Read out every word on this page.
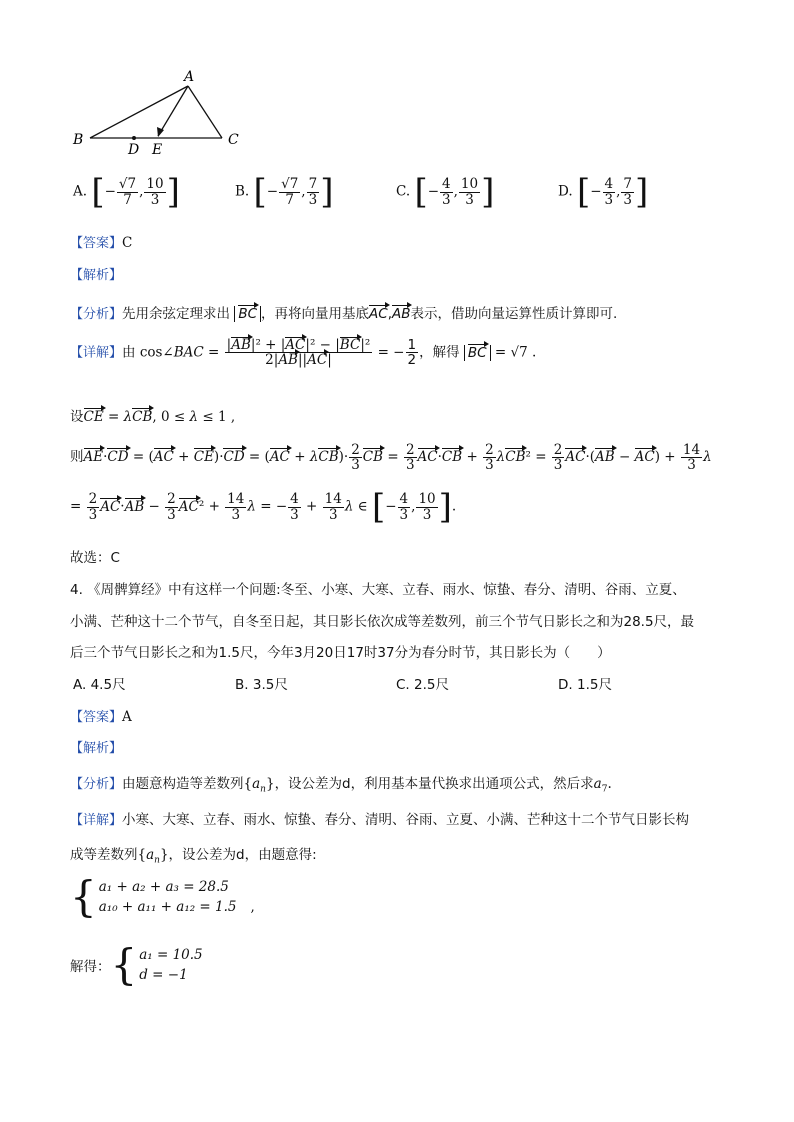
A
B	C
D E
A. [− $\frac{√7}{7}$ , $\frac{10}{3}$ ]	B. [− $\frac{√7}{7}$ , $\frac{7}{3}$ ]	C. [− $\frac{4}{3}$ , $\frac{10}{3}$ ]	D. [− $\frac{4}{3}$ , $\frac{7}{3}$ ]
【答案】C
【解析】
【分析】先用余弦定理求出 BC ，再将向量用基底AC,AB表示，借助向量运算性质计算即可.
【详解】由 cos∠BAC = $\frac{\text{|AB|² + |AC|² − |BC|²}}{2|AB||AC|}$ = − $\frac{1}{2}$ ，解得 BC = √7 .
设CE = λCB, 0 ≤ λ ≤ 1 ,
则$AE\cdot CD = (AC + CE)\cdot CD = (AC + \lambda CB)\cdot \frac{2}{3}$ CB = $\frac{2}{3} AC\cdot CB + \frac{2}{3} \lambda CB^2 = \frac{2}{3} AC\cdot(AB - AC) + \frac{14}{3}$ λ
= $\frac{2}{3} AC\cdot AB - \frac{2}{3} AC^2 + \frac{14}{3}$ λ = − $\frac{4}{3} + \frac{14}{3}$ λ ∈ [− $\frac{4}{3}$ , $\frac{10}{3}$ ].
故选：C
4. 《周髀算经》中有这样一个问题:冬至、小寒、大寒、立春、雨水、惊蛰、春分、清明、谷雨、立夏、
小满、芒种这十二个节气，自冬至日起，其日影长依次成等差数列，前三个节气日影长之和为28.5尺，最
后三个节气日影长之和为1.5尺，今年3月20日17时37分为春分时节，其日影长为（　　）
A. 4.5尺	B. 3.5尺	C. 2.5尺	D. 1.5尺
【答案】A
【解析】
【分析】由题意构造等差数列$\{a_n\}$，设公差为d，利用基本量代换求出通项公式，然后求$a_7$.
【详解】小寒、大寒、立春、雨水、惊蛰、春分、清明、谷雨、立夏、小满、芒种这十二个节气日影长构
成等差数列$\{a_n\}$，设公差为d，由题意得:
{ a₁ + a₂ + a₃ = 28.5
a₁₀ + a₁₁ + a₁₂ = 1.5 ,
解得： { a₁ = 10.5
d = −1
